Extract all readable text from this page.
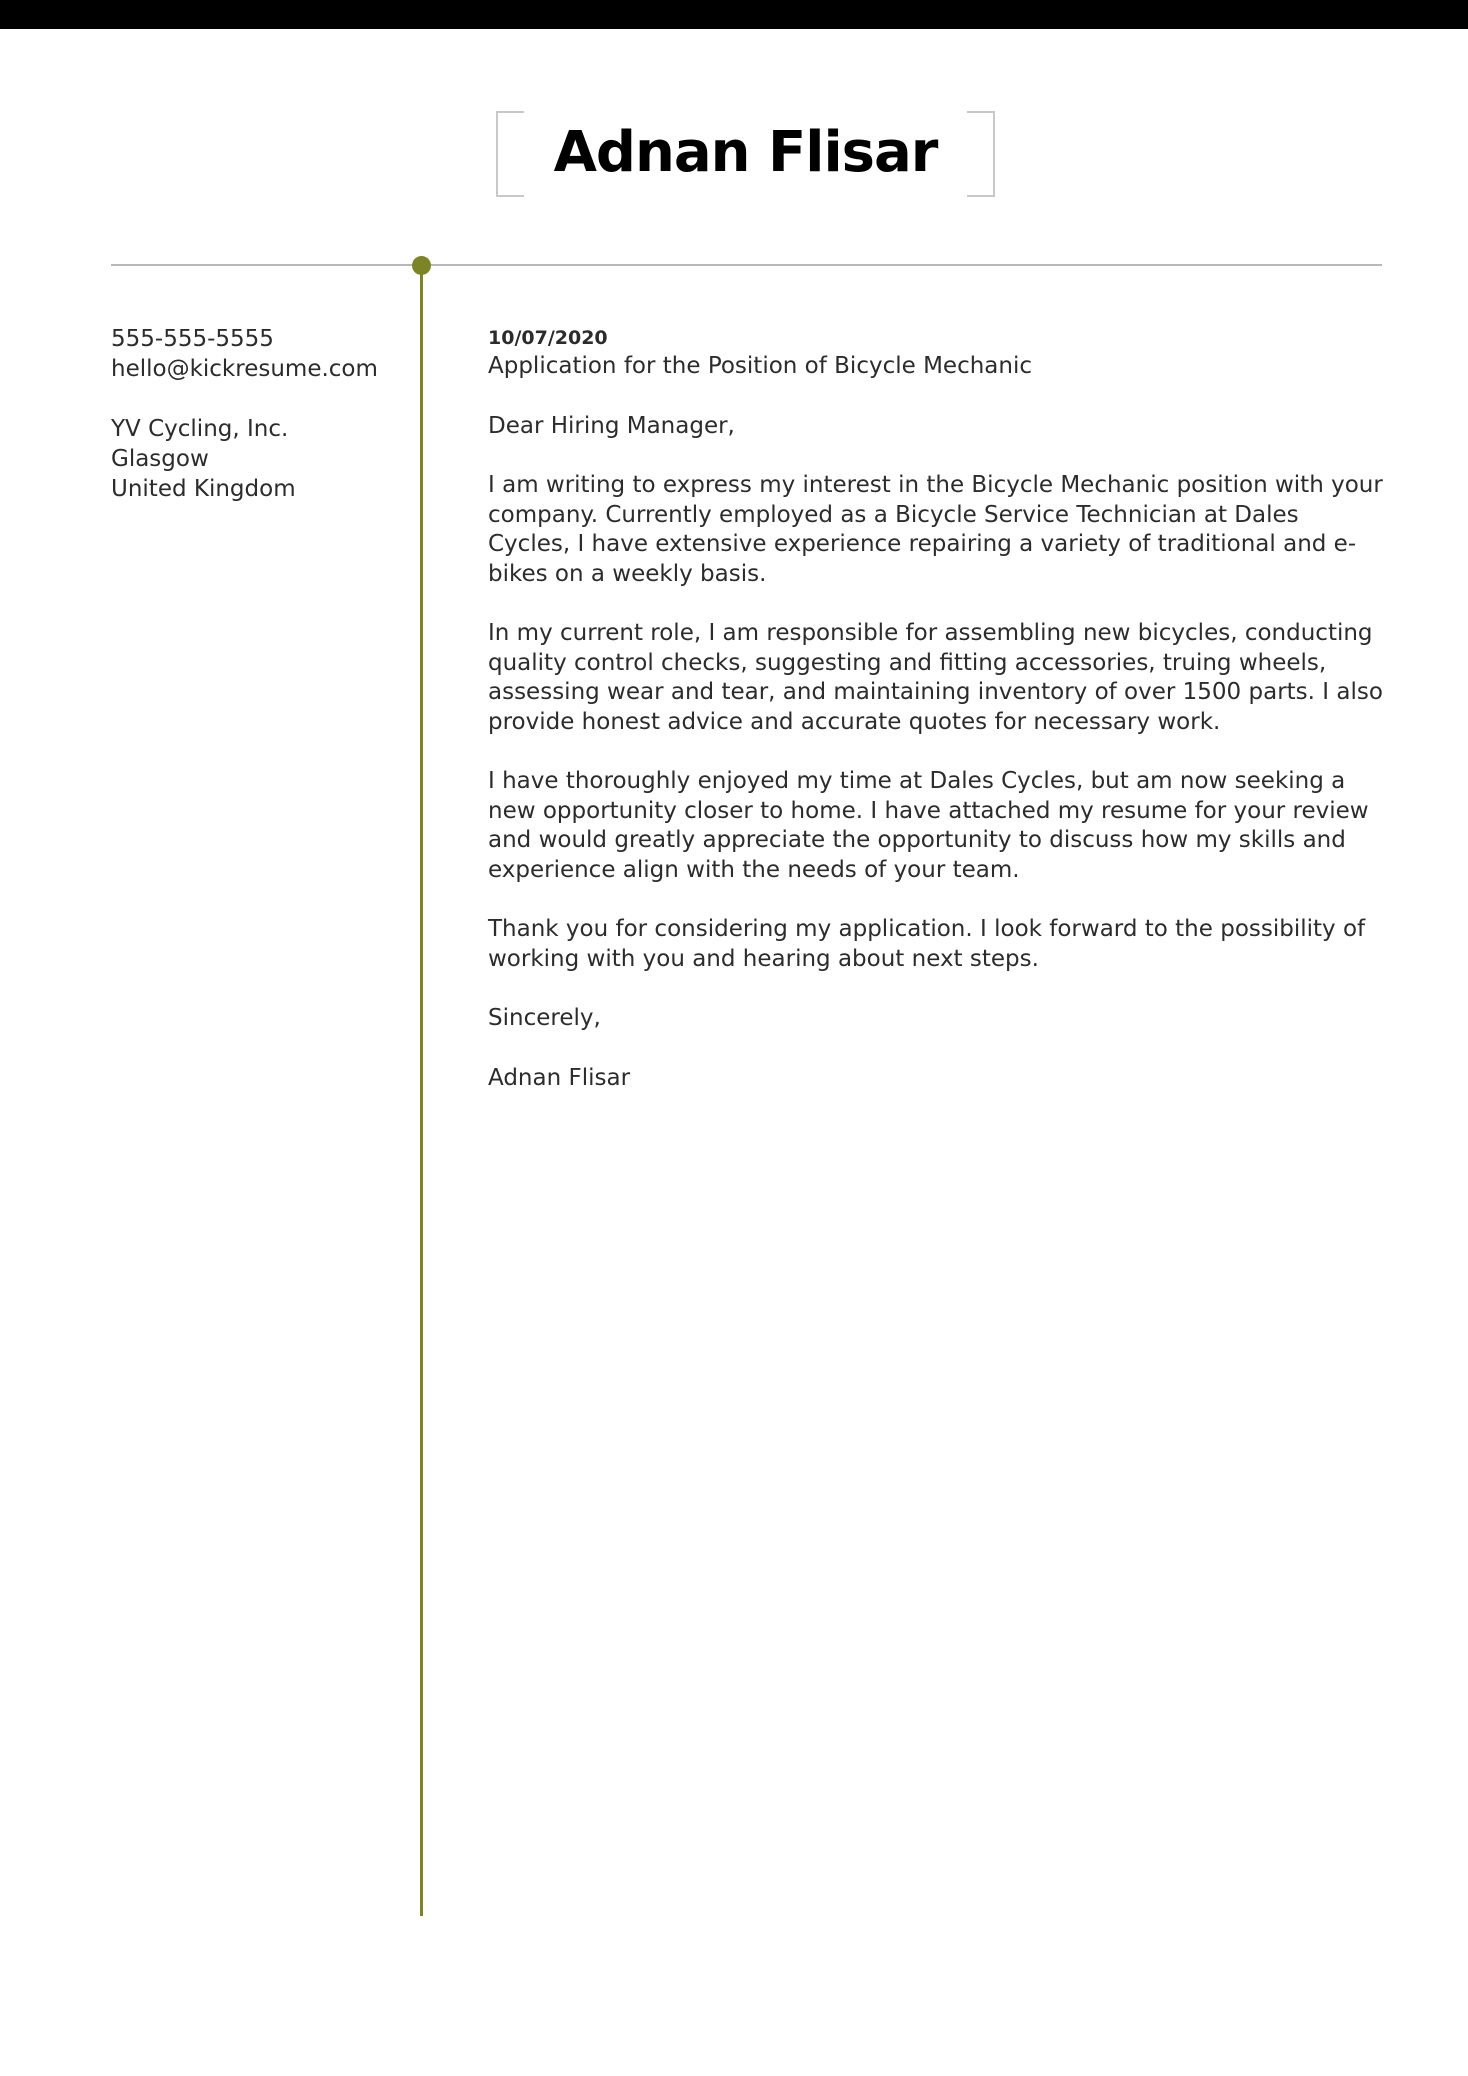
Adnan Flisar
555-555-5555
hello@kickresume.com
YV Cycling, Inc.
Glasgow
United Kingdom
10/07/2020
Application for the Position of Bicycle Mechanic

Dear Hiring Manager,

I am writing to express my interest in the Bicycle Mechanic position with your company. Currently employed as a Bicycle Service Technician at Dales Cycles, I have extensive experience repairing a variety of traditional and e-bikes on a weekly basis.

In my current role, I am responsible for assembling new bicycles, conducting quality control checks, suggesting and fitting accessories, truing wheels, assessing wear and tear, and maintaining inventory of over 1500 parts. I also provide honest advice and accurate quotes for necessary work.

I have thoroughly enjoyed my time at Dales Cycles, but am now seeking a new opportunity closer to home. I have attached my resume for your review and would greatly appreciate the opportunity to discuss how my skills and experience align with the needs of your team.

Thank you for considering my application. I look forward to the possibility of working with you and hearing about next steps.

Sincerely,

Adnan Flisar
